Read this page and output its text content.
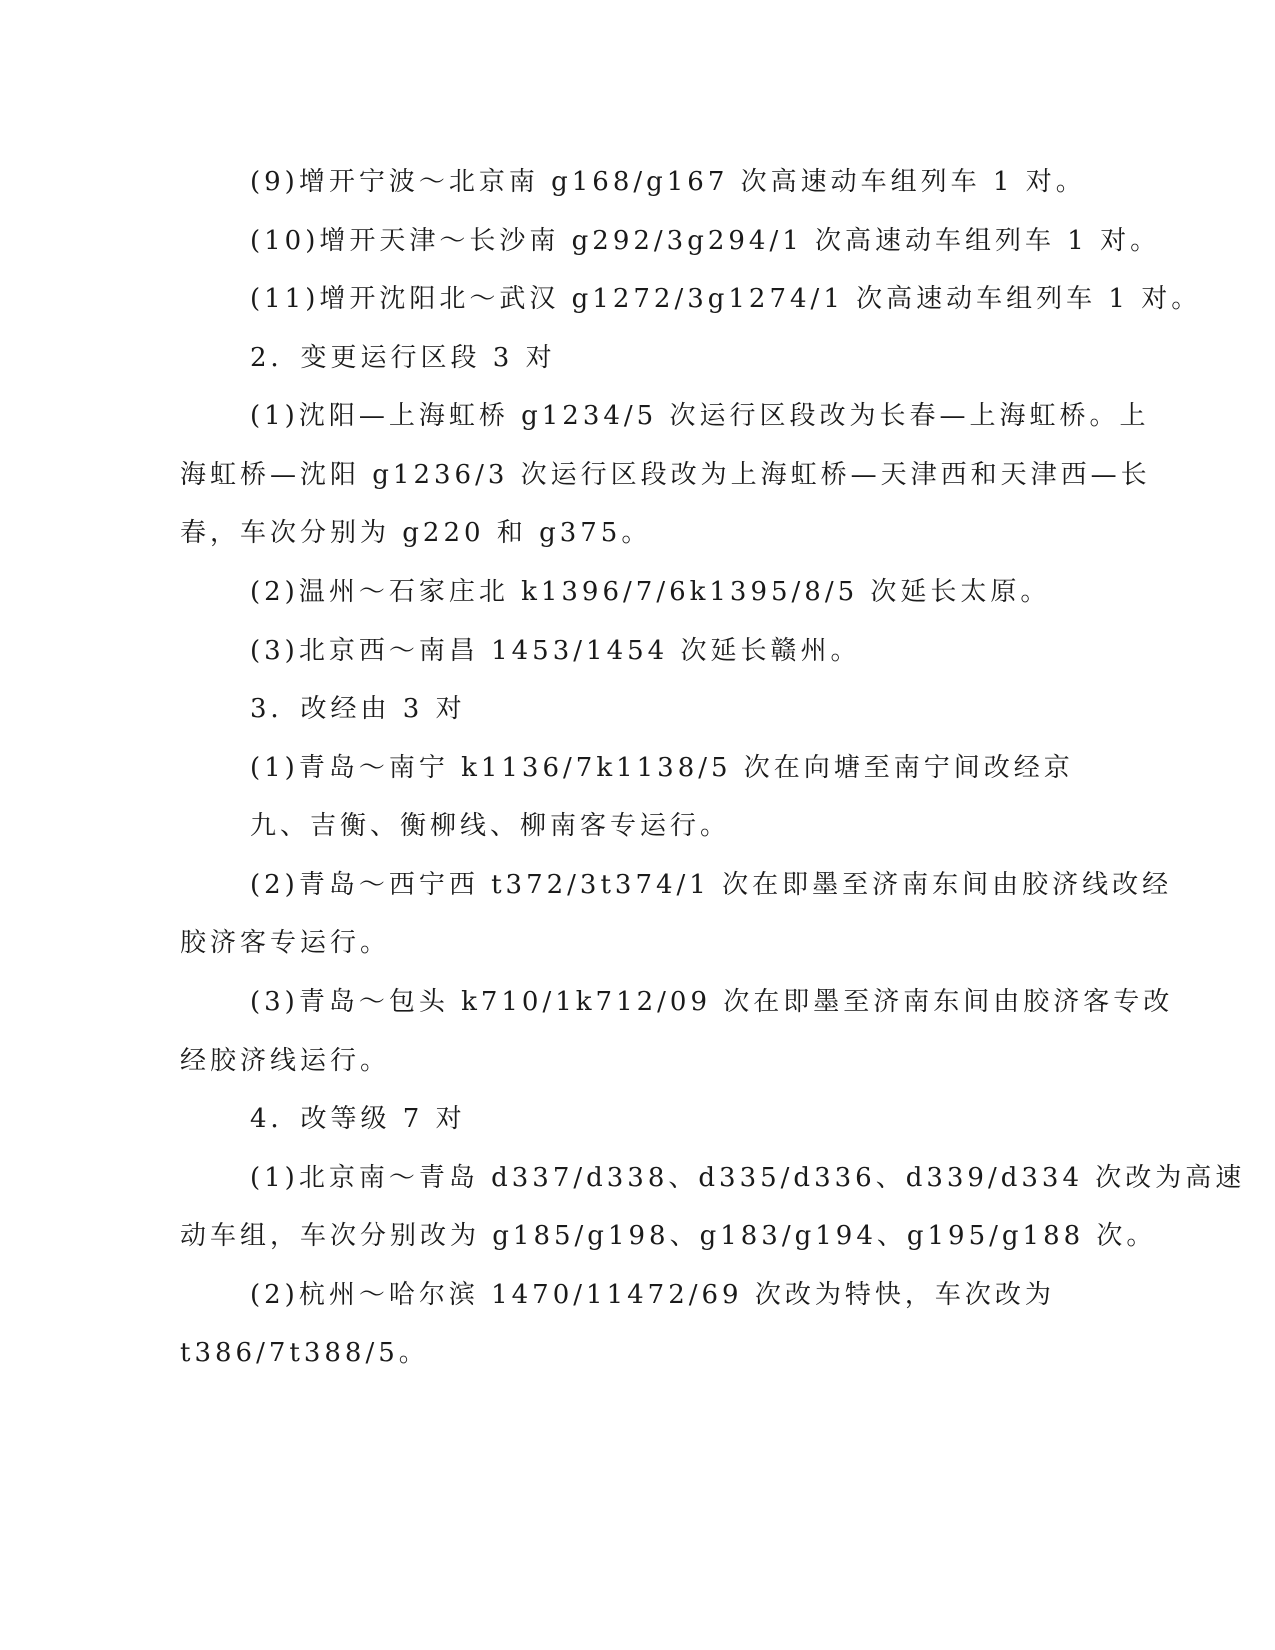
(9)增开宁波～北京南 g168/g167 次高速动车组列车 1 对。
(10)增开天津～长沙南 g292/3g294/1 次高速动车组列车 1 对。
(11)增开沈阳北～武汉 g1272/3g1274/1 次高速动车组列车 1 对。
2．变更运行区段 3 对
(1)沈阳—上海虹桥 g1234/5 次运行区段改为长春—上海虹桥。上
海虹桥—沈阳 g1236/3 次运行区段改为上海虹桥—天津西和天津西—长
春，车次分别为 g220 和 g375。
(2)温州～石家庄北 k1396/7/6k1395/8/5 次延长太原。
(3)北京西～南昌 1453/1454 次延长赣州。
3．改经由 3 对
(1)青岛～南宁 k1136/7k1138/5 次在向塘至南宁间改经京
九、吉衡、衡柳线、柳南客专运行。
(2)青岛～西宁西 t372/3t374/1 次在即墨至济南东间由胶济线改经
胶济客专运行。
(3)青岛～包头 k710/1k712/09 次在即墨至济南东间由胶济客专改
经胶济线运行。
4．改等级 7 对
(1)北京南～青岛 d337/d338、d335/d336、d339/d334 次改为高速
动车组，车次分别改为 g185/g198、g183/g194、g195/g188 次。
(2)杭州～哈尔滨 1470/11472/69 次改为特快，车次改为
t386/7t388/5。
